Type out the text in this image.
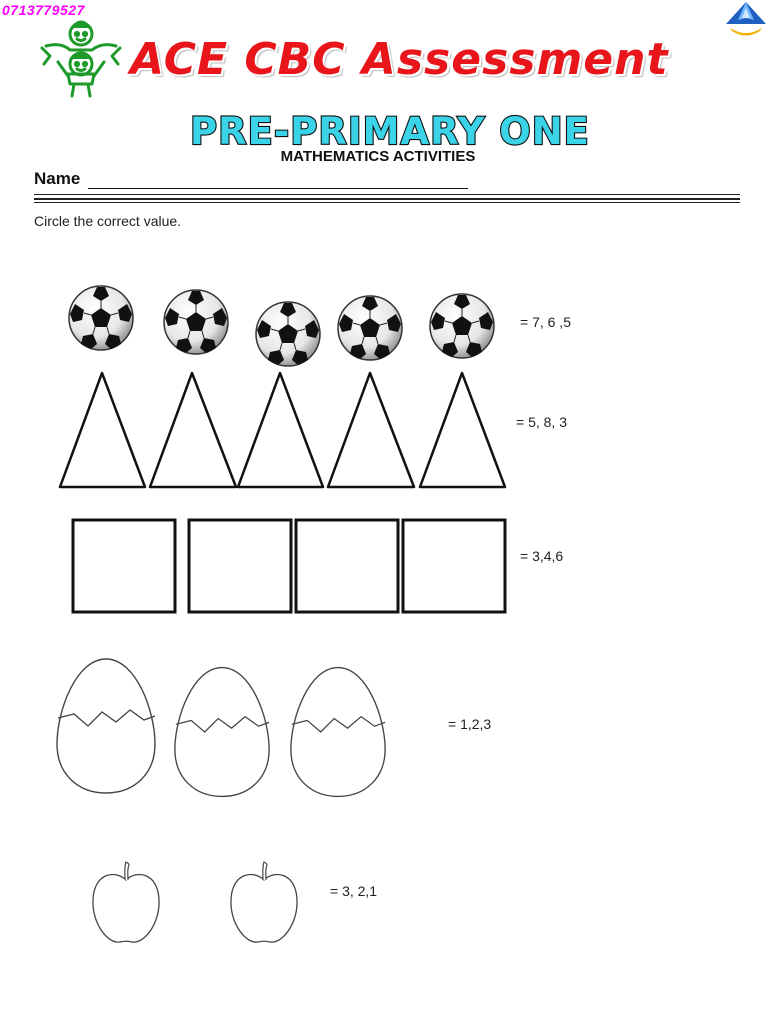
0713779527
ACE CBC Assessment
PRE-PRIMARY ONE
MATHEMATICS ACTIVITIES
Name
Circle the correct value.
= 7, 6 ,5
= 5, 8, 3
= 3,4,6
= 1,2,3
= 3, 2,1
